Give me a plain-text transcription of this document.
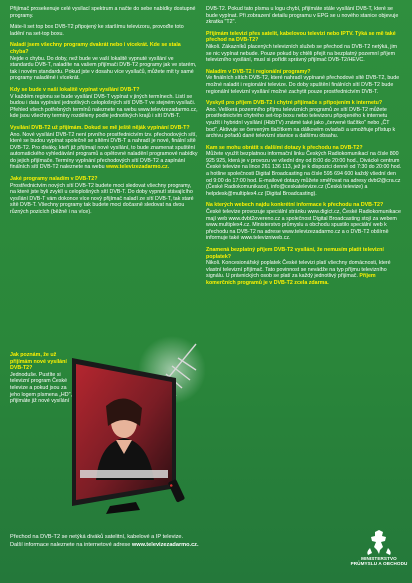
Přijímač prosekenuje celé vysílací spektrum a načte do sebe nabídky dostupné programy.

Máte-li set top box DVB-T2 připojený ke staršímu televizoru, provoďte toto ladění na set-top boxu.

Naladí jsem všechny programy dvakrát nebo i vícekrát. Kde se stala chyba?

Nejde o chybu. Do doby, než bude ve vaší lokalitě vypnuté vysílání ve standardu DVB-T, naladíte na vašem přijímači DVB-T2 programy jak ve starém, tak i novém standardu. Pokud jste v dosahu více vysílačů, můžete mít ty samé programy naladěné i vícekrát.

Kdy se bude v naší lokalitě vypínat vysílání DVB-T?

V každém regionu se bude vysílání DVB-T vypínat v jiných termínech. Listí se budou i data vypínání jednotlivých celoplošných sítí DVB-T ve stejném vysílači. Přehled všech potřebných termínů naleznete na webu www.televizezadarmo.cz, kde jsou všechny termíny rozděleny podle jednotlivých krajů i sítí DVB-T.

Vysílání DVB-T2 už přijímám. Dokud se mě ještě něják vypínání DVB-T?

Ano. Nové vysílání DVB-T2 není prvního prostřednictvím tzv. přechodových sítí, které se budou vypínat společně se sítěmi DVB-T a nahradí je nové, finální sítě DVB-T2. Pro diváky, kteří již přijímají nové vysílání, to bude znamenat spuštění automatického vyhledávání programů a opětovné naladění programové nabídky do jejich přijímače. Termíny vypínání přechodových sítí DVB-T2 a zapínání finálních sítí DVB-T2 naleznete na webu www.televizezadarmo.cz.

Jaké programy naladím v DVB-T2?

Prostřednictvím nových sítí DVB-T2 budete moci sledovat všechny programy, na které jste byli zvyklí u celoplošných sítí DVB-T. Do doby vypnutí stávajícího vysílání DVB-T vám dokonce více nový přijímač naladí ze sítí DVB-T, tak staré sítě DVB-T. Všechny programy tak budete moci dočasně sledovat na dvou různých pozicích (běžně i na více).

Jak poznám, že už přijímám nové vysílání DVB-T2?

Jednoduše. Pustíte si televizní program České televize a pokud jsou za jeho logem písmena „HD", přijímáte již nové vysílání

DVB-T2. Pokud tato písma u logu chybí, přijímáte stále vysílání DVB-T, které se bude vypínat. Při zobrazení detailu programu v EPG se u nového stanice objevuje zkratka "T2".

Přijímám televizi přes satelit, kabelovou televizi nebo IPTV. Týká se mě také přechod na DVB-T2?

Nikoli. Zákazníků placených televizních služeb se přechod na DVB-T2 netýká, jim se nic vypínat nebude. Pouze pokud by chtěli přejít na bezplatný pozemní příjem televizního vysílání, musí si pořídit správný přijímač DVB-T2/HEVC.

Naladím v DVB-T2 i regionální programy?

Ve finálních sítích DVB-T2, které nahradí vypínané přechodové sítě DVB-T2, bude možné naladit i regionální televize. Do doby spuštění finálních sítí DVB-T2 bude regionální televizní vysílání možné zachytit pouze prostřednictvím DVB-T.

Vyskytl pro příjem DVB-T2 i chytré přijímače s připojením k internetu?

Ano. Veškerá pozemního příjmu televizních programů ze sítí DVB-T2 můžete prostřednictvím chytrého set-top boxu nebo televizoru připojeného k internetu využít i hybridní vysílání (HbbTV) známé také jako „červené tlačítko" nebo „ČT bod". Aktivuje se červeným tlačítkem na dálkovém ovladači a umožňuje přístup k archivu pořadů dané televizní stanice a dalšímu obsahu.

Kam se mohu obrátit s dalšími dotazy k přechodu na DVB-T2?

Můžete využít bezplatnou informační linku Českých Radiokomunikací na čísle 800 925 925, která je v provozu ve všední dny od 8:00 do 20:00 hod., Divácké centrum České televize na lince 261 136 113, jež je k dispozici denně od 7:30 do 20:00 hod. a hotline společnosti Digital Broadcasting na čísle 595 694 600 každý všední den od 9:00 do 17:00 hod. E-mailové dotazy můžete směřovat na adresy dvbt2@cra.cz (České Radiokomunikace), info@ceskatelevize.cz (Česká televize) a helpdesk@multiplex4.cz (Digital Broadcasting).

Na kterých webech najdu konkrétní informace k přechodu na DVB-T2?

České televize provozuje speciální stránku www.digict.cz, České Radiokomunikace mají web www.dvbt2overeno.cz a společnost Digital Broadcasting stojí za webem www.multiplex4.cz. Ministerstvo průmyslu a obchodu spustilo speciální web k přechodu na DVB-T2 na adrese www.televizezadarmo.cz a o DVB-T2 obšírně informuje také www.televizniweb.cz.

Znamená bezplatný příjem DVB-T2 vysílání, že nemusím platit televizní poplatek?

Nikoli. Koncesionářský poplatek České televizi platí všechny domácnosti, které vlastní televizní přijímač. Tato povinnost se nevádže na typ příjmu televizního signálu. U právnických osob se platí za každý jednotlivý přijímač. Příjem komerčních programů je v DVB-T2 zcela zdarma.

Přechod na DVB-T2 se netýká diváků satelitní, kabelové a IP televize.
Další informace naleznete na internetové adrese www.televizezadarmo.cz.
MINISTERSTVO
PRŮMYSLU A OBCHODU
